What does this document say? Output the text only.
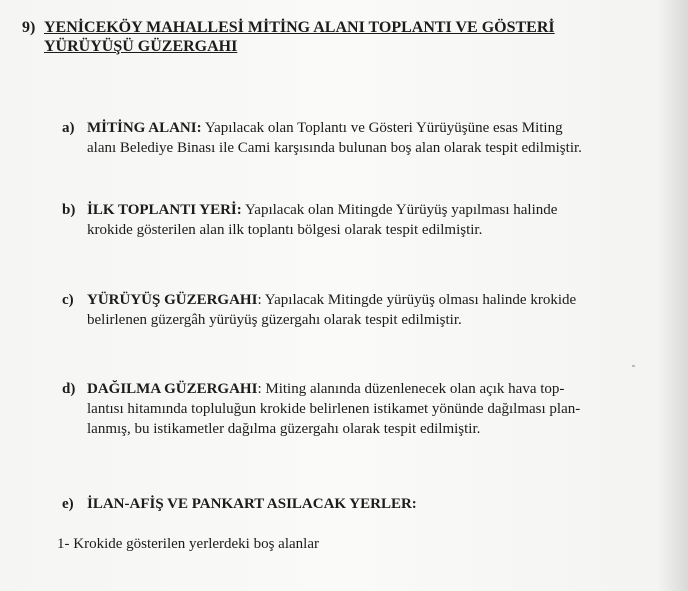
9) YENİCEKÖY MAHALLESİ MİTİNG ALANI TOPLANTI VE GÖSTERİ
YÜRÜYÜŞÜ GÜZERGAHI
a) MİTİNG ALANI: Yapılacak olan Toplantı ve Gösteri Yürüyüşüne esas Miting
alanı Belediye Binası ile Cami karşısında bulunan boş alan olarak tespit edilmiştir.
b) İLK TOPLANTI YERİ: Yapılacak olan Mitingde Yürüyüş yapılması halinde
krokide gösterilen alan ilk toplantı bölgesi olarak tespit edilmiştir.
c) YÜRÜYÜŞ GÜZERGAHI: Yapılacak Mitingde yürüyüş olması halinde krokide
belirlenen güzergâh yürüyüş güzergahı olarak tespit edilmiştir.
d) DAĞILMA GÜZERGAHI: Miting alanında düzenlenecek olan açık hava top-
lantısı hitamında topluluğun krokide belirlenen istikamet yönünde dağılması plan-
lanmış, bu istikametler dağılma güzergahı olarak tespit edilmiştir.
e) İLAN-AFİŞ VE PANKART ASILACAK YERLER:
1- Krokide gösterilen yerlerdeki boş alanlar
